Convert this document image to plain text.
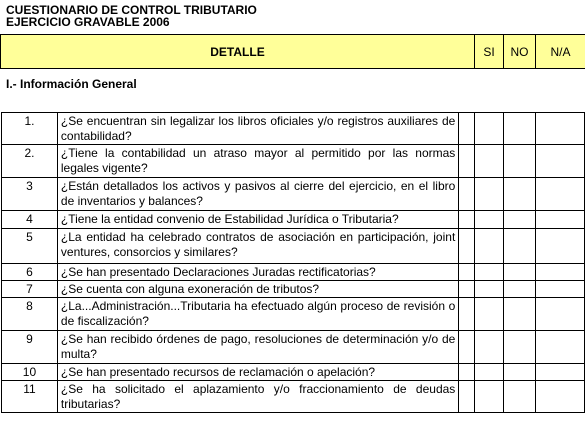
CUESTIONARIO DE CONTROL TRIBUTARIO
EJERCICIO GRAVABLE 2006
DETALLE	SI	NO	N/A
I.- Información General
1.	¿Se encuentran sin legalizar los libros oficiales y/o registros auxiliares de contabilidad?				
2.	¿Tiene la contabilidad un atraso mayor al permitido por las normas legales vigente?				
3	¿Están detallados los activos y pasivos al cierre del ejercicio, en el libro de inventarios y balances?				
4	¿Tiene la entidad convenio de Estabilidad Jurídica o Tributaria?				
5	¿La entidad ha celebrado contratos de asociación en participación, joint ventures, consorcios y similares?				
6	¿Se han presentado Declaraciones Juradas rectificatorias?				
7	¿Se cuenta con alguna exoneración de tributos?				
8	¿La...Administración...Tributaria ha efectuado algún proceso de revisión o de fiscalización?				
9	¿Se han recibido órdenes de pago, resoluciones de determinación y/o de multa?				
10	¿Se han presentado recursos de reclamación o apelación?				
11	¿Se ha solicitado el aplazamiento y/o fraccionamiento de deudas tributarias?				
